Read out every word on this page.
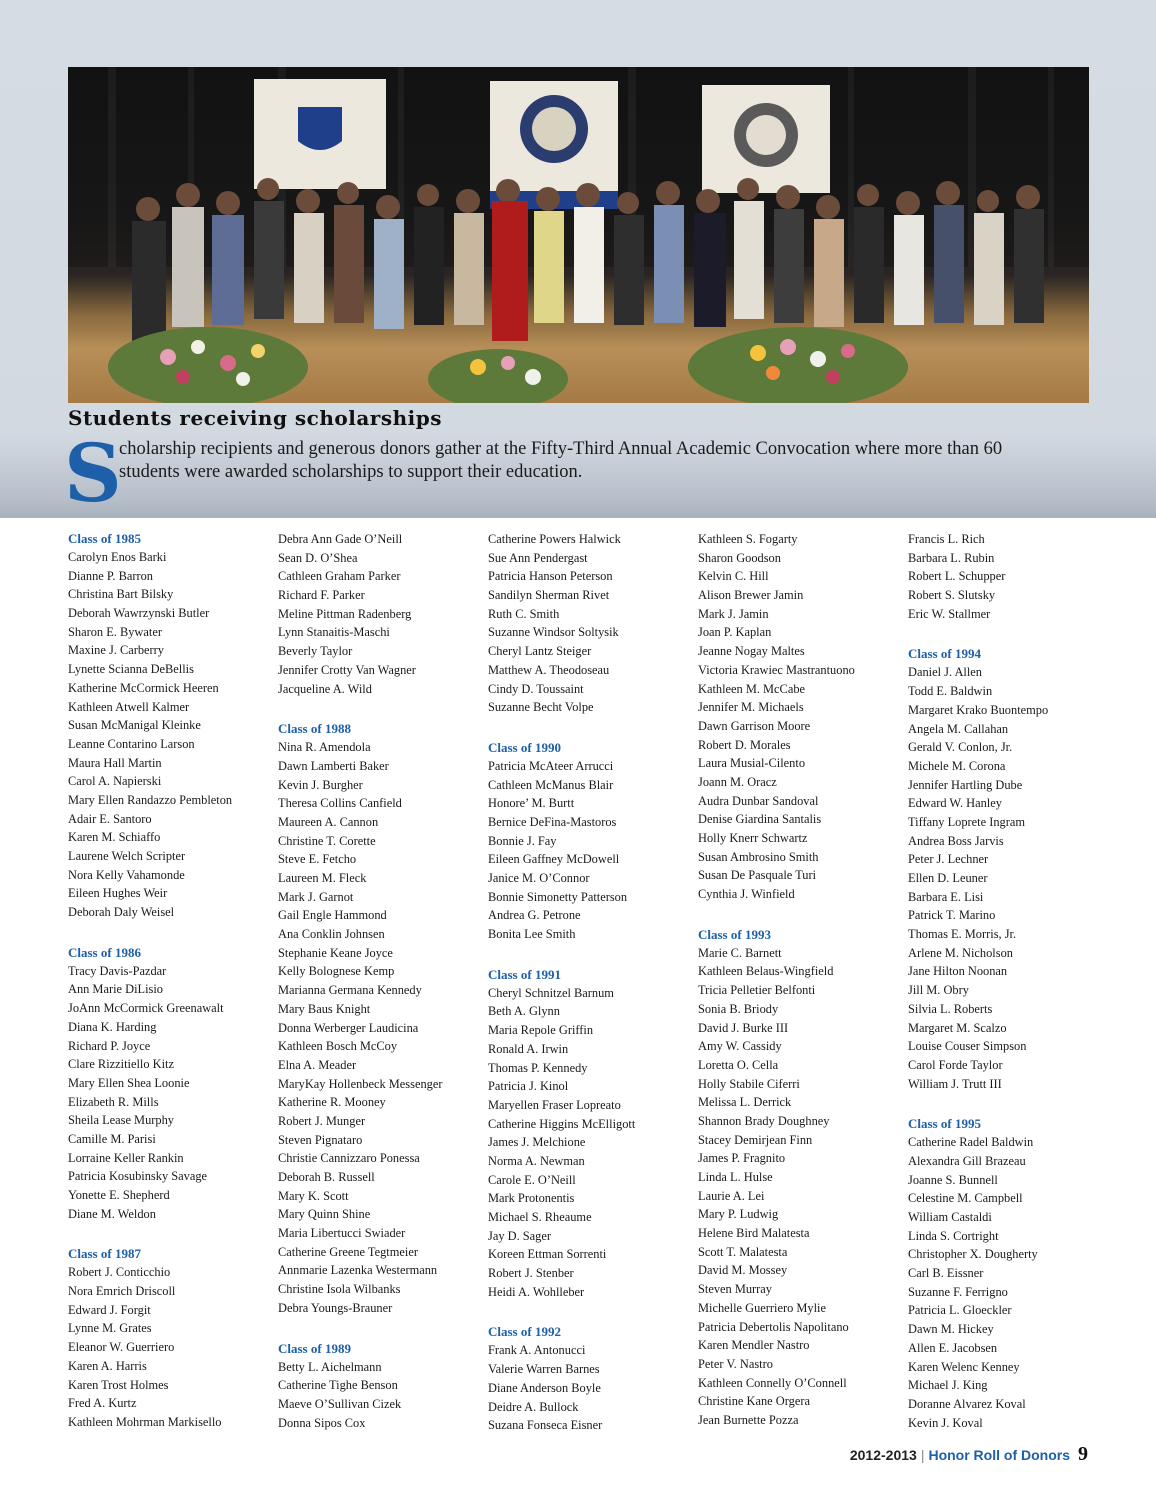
Students receiving scholarships
S
cholarship recipients and generous donors gather at the Fifty-Third Annual Academic Convocation where more than 60 students were awarded scholarships to support their education.
Class of 1985
Carolyn Enos Barki
Dianne P. Barron
Christina Bart Bilsky
Deborah Wawrzynski Butler
Sharon E. Bywater
Maxine J. Carberry
Lynette Scianna DeBellis
Katherine McCormick Heeren
Kathleen Atwell Kalmer
Susan McManigal Kleinke
Leanne Contarino Larson
Maura Hall Martin
Carol A. Napierski
Mary Ellen Randazzo Pembleton
Adair E. Santoro
Karen M. Schiaffo
Laurene Welch Scripter
Nora Kelly Vahamonde
Eileen Hughes Weir
Deborah Daly Weisel
Class of 1986
Tracy Davis-Pazdar
Ann Marie DiLisio
JoAnn McCormick Greenawalt
Diana K. Harding
Richard P. Joyce
Clare Rizzitiello Kitz
Mary Ellen Shea Loonie
Elizabeth R. Mills
Sheila Lease Murphy
Camille M. Parisi
Lorraine Keller Rankin
Patricia Kosubinsky Savage
Yonette E. Shepherd
Diane M. Weldon
Class of 1987
Robert J. Conticchio
Nora Emrich Driscoll
Edward J. Forgit
Lynne M. Grates
Eleanor W. Guerriero
Karen A. Harris
Karen Trost Holmes
Fred A. Kurtz
Kathleen Mohrman Markisello
Debra Ann Gade O’Neill
Sean D. O’Shea
Cathleen Graham Parker
Richard F. Parker
Meline Pittman Radenberg
Lynn Stanaitis-Maschi
Beverly Taylor
Jennifer Crotty Van Wagner
Jacqueline A. Wild
Class of 1988
Nina R. Amendola
Dawn Lamberti Baker
Kevin J. Burgher
Theresa Collins Canfield
Maureen A. Cannon
Christine T. Corette
Steve E. Fetcho
Laureen M. Fleck
Mark J. Garnot
Gail Engle Hammond
Ana Conklin Johnsen
Stephanie Keane Joyce
Kelly Bolognese Kemp
Marianna Germana Kennedy
Mary Baus Knight
Donna Werberger Laudicina
Kathleen Bosch McCoy
Elna A. Meader
MaryKay Hollenbeck Messenger
Katherine R. Mooney
Robert J. Munger
Steven Pignataro
Christie Cannizzaro Ponessa
Deborah B. Russell
Mary K. Scott
Mary Quinn Shine
Maria Libertucci Swiader
Catherine Greene Tegtmeier
Annmarie Lazenka Westermann
Christine Isola Wilbanks
Debra Youngs-Brauner
Class of 1989
Betty L. Aichelmann
Catherine Tighe Benson
Maeve O’Sullivan Cizek
Donna Sipos Cox
Catherine Powers Halwick
Sue Ann Pendergast
Patricia Hanson Peterson
Sandilyn Sherman Rivet
Ruth C. Smith
Suzanne Windsor Soltysik
Cheryl Lantz Steiger
Matthew A. Theodoseau
Cindy D. Toussaint
Suzanne Becht Volpe
Class of 1990
Patricia McAteer Arrucci
Cathleen McManus Blair
Honore’ M. Burtt
Bernice DeFina-Mastoros
Bonnie J. Fay
Eileen Gaffney McDowell
Janice M. O’Connor
Bonnie Simonetty Patterson
Andrea G. Petrone
Bonita Lee Smith
Class of 1991
Cheryl Schnitzel Barnum
Beth A. Glynn
Maria Repole Griffin
Ronald A. Irwin
Thomas P. Kennedy
Patricia J. Kinol
Maryellen Fraser Lopreato
Catherine Higgins McElligott
James J. Melchione
Norma A. Newman
Carole E. O’Neill
Mark Protonentis
Michael S. Rheaume
Jay D. Sager
Koreen Ettman Sorrenti
Robert J. Stenber
Heidi A. Wohlleber
Class of 1992
Frank A. Antonucci
Valerie Warren Barnes
Diane Anderson Boyle
Deidre A. Bullock
Suzana Fonseca Eisner
Kathleen S. Fogarty
Sharon Goodson
Kelvin C. Hill
Alison Brewer Jamin
Mark J. Jamin
Joan P. Kaplan
Jeanne Nogay Maltes
Victoria Krawiec Mastrantuono
Kathleen M. McCabe
Jennifer M. Michaels
Dawn Garrison Moore
Robert D. Morales
Laura Musial-Cilento
Joann M. Oracz
Audra Dunbar Sandoval
Denise Giardina Santalis
Holly Knerr Schwartz
Susan Ambrosino Smith
Susan De Pasquale Turi
Cynthia J. Winfield
Class of 1993
Marie C. Barnett
Kathleen Belaus-Wingfield
Tricia Pelletier Belfonti
Sonia B. Briody
David J. Burke III
Amy W. Cassidy
Loretta O. Cella
Holly Stabile Ciferri
Melissa L. Derrick
Shannon Brady Doughney
Stacey Demirjean Finn
James P. Fragnito
Linda L. Hulse
Laurie A. Lei
Mary P. Ludwig
Helene Bird Malatesta
Scott T. Malatesta
David M. Mossey
Steven Murray
Michelle Guerriero Mylie
Patricia Debertolis Napolitano
Karen Mendler Nastro
Peter V. Nastro
Kathleen Connelly O’Connell
Christine Kane Orgera
Jean Burnette Pozza
Francis L. Rich
Barbara L. Rubin
Robert L. Schupper
Robert S. Slutsky
Eric W. Stallmer
Class of 1994
Daniel J. Allen
Todd E. Baldwin
Margaret Krako Buontempo
Angela M. Callahan
Gerald V. Conlon, Jr.
Michele M. Corona
Jennifer Hartling Dube
Edward W. Hanley
Tiffany Loprete Ingram
Andrea Boss Jarvis
Peter J. Lechner
Ellen D. Leuner
Barbara E. Lisi
Patrick T. Marino
Thomas E. Morris, Jr.
Arlene M. Nicholson
Jane Hilton Noonan
Jill M. Obry
Silvia L. Roberts
Margaret M. Scalzo
Louise Couser Simpson
Carol Forde Taylor
William J. Trutt III
Class of 1995
Catherine Radel Baldwin
Alexandra Gill Brazeau
Joanne S. Bunnell
Celestine M. Campbell
William Castaldi
Linda S. Cortright
Christopher X. Dougherty
Carl B. Eissner
Suzanne F. Ferrigno
Patricia L. Gloeckler
Dawn M. Hickey
Allen E. Jacobsen
Karen Welenc Kenney
Michael J. King
Doranne Alvarez Koval
Kevin J. Koval
2012-2013 | Honor Roll of Donors 9
